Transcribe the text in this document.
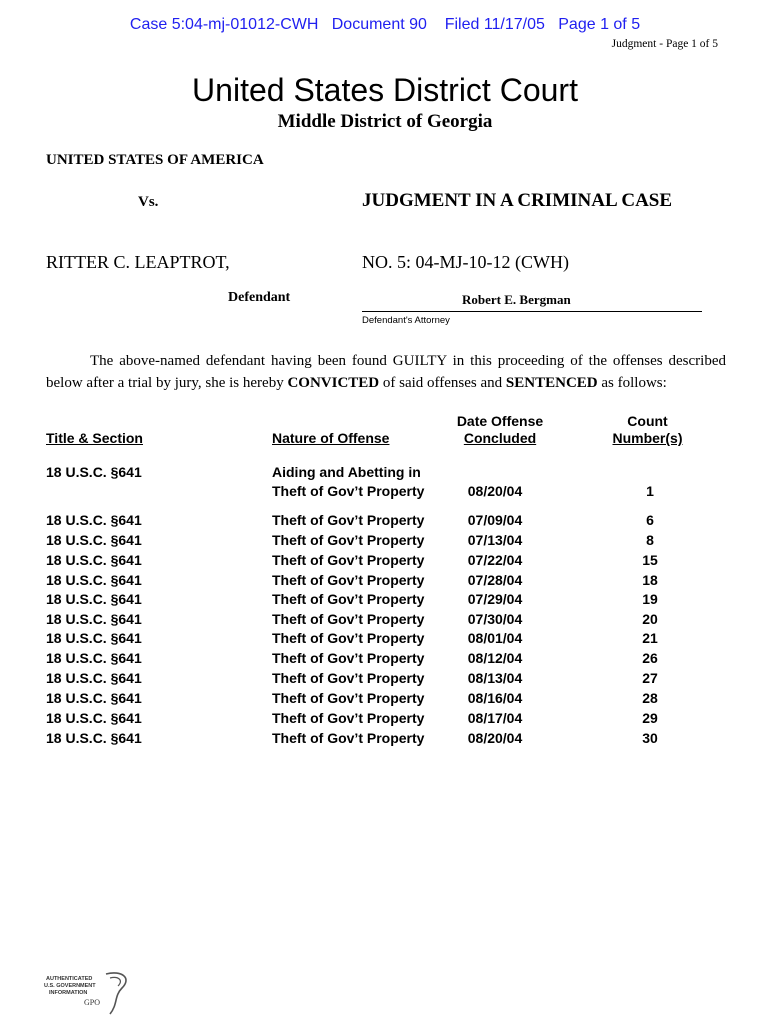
Case 5:04-mj-01012-CWH   Document 90    Filed 11/17/05   Page 1 of 5
Judgment - Page 1 of 5
United States District Court
Middle District of Georgia
UNITED STATES OF AMERICA
Vs.	JUDGMENT IN A CRIMINAL CASE
RITTER C. LEAPTROT,	NO. 5: 04-MJ-10-12 (CWH)
Defendant	Robert E. Bergman
Defendant's Attorney
The above-named defendant having been found GUILTY in this proceeding of the offenses described below after a trial by jury, she is hereby CONVICTED of said offenses and SENTENCED as follows:
Title & Section	Nature of Offense
Date Offense
Concluded
Count
Number(s)
18 U.S.C. §641	Aiding and Abetting in
Theft of Gov’t Property	08/20/04	1
18 U.S.C. §641	Theft of Gov’t Property	07/09/04	6
18 U.S.C. §641	Theft of Gov’t Property	07/13/04	8
18 U.S.C. §641	Theft of Gov’t Property	07/22/04	15
18 U.S.C. §641	Theft of Gov’t Property	07/28/04	18
18 U.S.C. §641	Theft of Gov’t Property	07/29/04	19
18 U.S.C. §641	Theft of Gov’t Property	07/30/04	20
18 U.S.C. §641	Theft of Gov’t Property	08/01/04	21
18 U.S.C. §641	Theft of Gov’t Property	08/12/04	26
18 U.S.C. §641	Theft of Gov’t Property	08/13/04	27
18 U.S.C. §641	Theft of Gov’t Property	08/16/04	28
18 U.S.C. §641	Theft of Gov’t Property	08/17/04	29
18 U.S.C. §641	Theft of Gov’t Property	08/20/04	30
AUTHENTICATED
U.S. GOVERNMENT
INFORMATION
GPO
